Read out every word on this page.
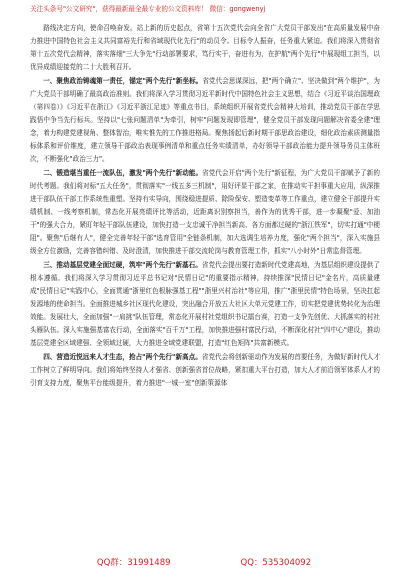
关注头条号"公文研究"，获得最新最全最专业的公文资料库！ 微信：gongwenyj

路线决定方向，使命召唤奋发。站上新的历史起点，省第十五次党代会向全省广大党员干部发出"在高质量发展中奋力推进中国特色社会主义共同富裕先行和省域现代化先行"的动员令。目标令人振奋，任务重大紧迫。我们将深入贯彻省第十五次党代会精神，落实落细"三大争先"行动部署要求，笃行实干，奋进有为，在护航"两个先行"中展现组工担当，以优异成绩迎接党的二十大胜利召开。

一、聚焦政治铸魂第一责任，锚定"两个先行"新坐标。省党代会思谋深远，把"两个确立"、坚决做到"两个维护"，为广大党员干部明确了最高政治准则。我们将深入学习贯彻习近平新时代中国特色社会主义思想，结合《习近平谈治国理政（第四卷）》《习近平在浙江》《习近平浙江足迹》等重点书目，系统组织开展省党代会精神大培训，推动党员干部在学思践悟中争当先行标兵。坚持以"七张问题清单"为牵引，树牢"问题发现即管理"，健全党员干部发现问题解决省委全建"理念，着力构建党建视角、整体智治，唯实惟先的工作推进格局。聚焦扬起后新时期干部思政治建设，细化政治素质测量指标体系和评价维度，建立领导干部政治表现事例清单和重点任务实绩清单，办好领导干部政治能力提升领导务员主体班次，不断强化"政治三力"。

二、锻造堪当重任一流队伍，激发"两个先行"新动能。省党代会开启"两个先行"新征程，为广大党员干部赋予了新的时代考题。我们将对标"五大任务"，贯彻落实"一线五多三机制"，用好评显干部之家，在推动实干担事重大应用，纵深推进干部队伍干部工作系统性重塑。坚持有实导向，围绕稳进提质、除险保安、塑造变革等工作重点，建立健全干部提升实绩机制、一线考察机制，常态化开展亮绩评比等活动，近距离识别察担当，善作为的优秀干部，进一步凝聚"爱、加油干"的强大合力，紧盯年轻干部队伍建设，加快打造一支忠诚干净担当新高、各方面都过硬的"浙江铁军"，切实打通"中梗阻"。聚焦"后继有人"，健全完善年轻干部"选育管用"全链条机制，加大选调生培养力度，强化"两个担当"，深入实施县级全方位激励，完善容错纠错、及时澄清，加快推进干部交流轮岗与教育管理工作，抓实"八小时外"日常监督管理。

三、推动基层党建全面过硬，筑牢"两个先行"新基石。省党代会提出要打造新时代党建高地，为基层组织建设提供了根本遵循。我们将深入学习贯彻习近平总书记对"民情日记"的重要指示精神，持续推深"民情日记"金名片，高质量建成"民情日记"实践中心，全面贯通"浙里红色根脉强基工程""浙里兴村治社"等应用，推广"浙里民情"特色场景，坚决扛起发源地的使命担当。全面推进城乡社区现代化建设，突出融合开放五大社区大单元党建工作，切实把党建优势转化为治理效能。发展壮大，全面加强"一肩挑"队伍管理，常态化开展村社党组织书记擂台赛，打造一支争先创优、大抓落实的村社头雁队伍。深入实施强基富农行动，全面落实"百千万"工程，加快推进强村富民行动，不断深化村社"四中心"建设，推动基层党建全区域建强、全领域过硬，大力推进全域党建联盟，打造"红色矩阵"共富新模式。

四、营造近悦远来人才生态，抢占"两个先行"新高点。省党代会将创新驱动作为发展的首要任务，为做好新时代人才工作树立了鲜明导向。我们将始终坚持人才强省、创新强省首位战略，紧扣重大平台打造，加大人才前沿领军体系人才的引育支持力度，聚焦平台能级提升，着力推进"一城一室"创新策源体

QQ群：31991489	QQ：535304092
